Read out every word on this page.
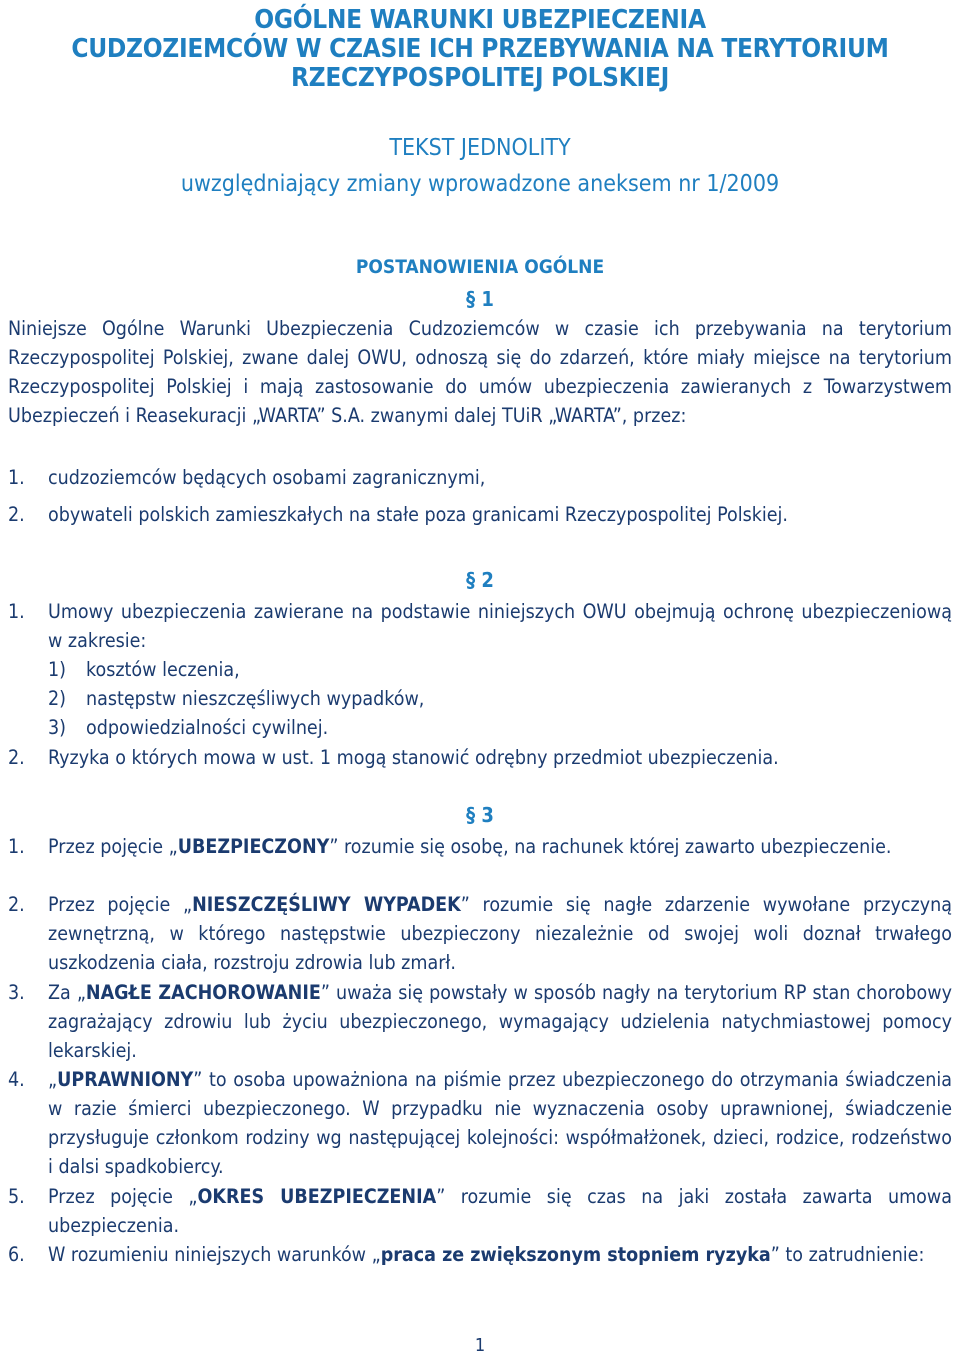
OGÓLNE WARUNKI UBEZPIECZENIA
CUDZOZIEMCÓW W CZASIE ICH PRZEBYWANIA NA TERYTORIUM
RZECZYPOSPOLITEJ POLSKIEJ
TEKST JEDNOLITY
uwzględniający zmiany wprowadzone aneksem nr 1/2009
POSTANOWIENIA OGÓLNE
§ 1
Niniejsze Ogólne Warunki Ubezpieczenia Cudzoziemców w czasie ich przebywania na terytorium Rzeczypospolitej Polskiej, zwane dalej OWU, odnoszą się do zdarzeń, które miały miejsce na terytorium Rzeczypospolitej Polskiej i mają zastosowanie do umów ubezpieczenia zawieranych z Towarzystwem Ubezpieczeń i Reasekuracji „WARTA” S.A. zwanymi dalej TUiR „WARTA”, przez:
1. cudzoziemców będących osobami zagranicznymi,
2. obywateli polskich zamieszkałych na stałe poza granicami Rzeczypospolitej Polskiej.
§ 2
1. Umowy ubezpieczenia zawierane na podstawie niniejszych OWU obejmują ochronę ubezpieczeniową w zakresie:
1) kosztów leczenia,
2) następstw nieszczęśliwych wypadków,
3) odpowiedzialności cywilnej.
2. Ryzyka o których mowa w ust. 1 mogą stanowić odrębny przedmiot ubezpieczenia.
§ 3
1. Przez pojęcie „UBEZPIECZONY” rozumie się osobę, na rachunek której zawarto ubezpieczenie.
2. Przez pojęcie „NIESZCZĘŚLIWY WYPADEK” rozumie się nagłe zdarzenie wywołane przyczyną zewnętrzną, w którego następstwie ubezpieczony niezależnie od swojej woli doznał trwałego uszkodzenia ciała, rozstroju zdrowia lub zmarł.
3. Za „NAGŁE ZACHOROWANIE” uważa się powstały w sposób nagły na terytorium RP stan chorobowy zagrażający zdrowiu lub życiu ubezpieczonego, wymagający udzielenia natychmiastowej pomocy lekarskiej.
4. „UPRAWNIONY” to osoba upoważniona na piśmie przez ubezpieczonego do otrzymania świadczenia w razie śmierci ubezpieczonego. W przypadku nie wyznaczenia osoby uprawnionej, świadczenie przysługuje członkom rodziny wg następującej kolejności: współmałżonek, dzieci, rodzice, rodzeństwo i dalsi spadkobiercy.
5. Przez pojęcie „OKRES UBEZPIECZENIA” rozumie się czas na jaki została zawarta umowa ubezpieczenia.
6. W rozumieniu niniejszych warunków „praca ze zwiększonym stopniem ryzyka” to zatrudnienie:
1
